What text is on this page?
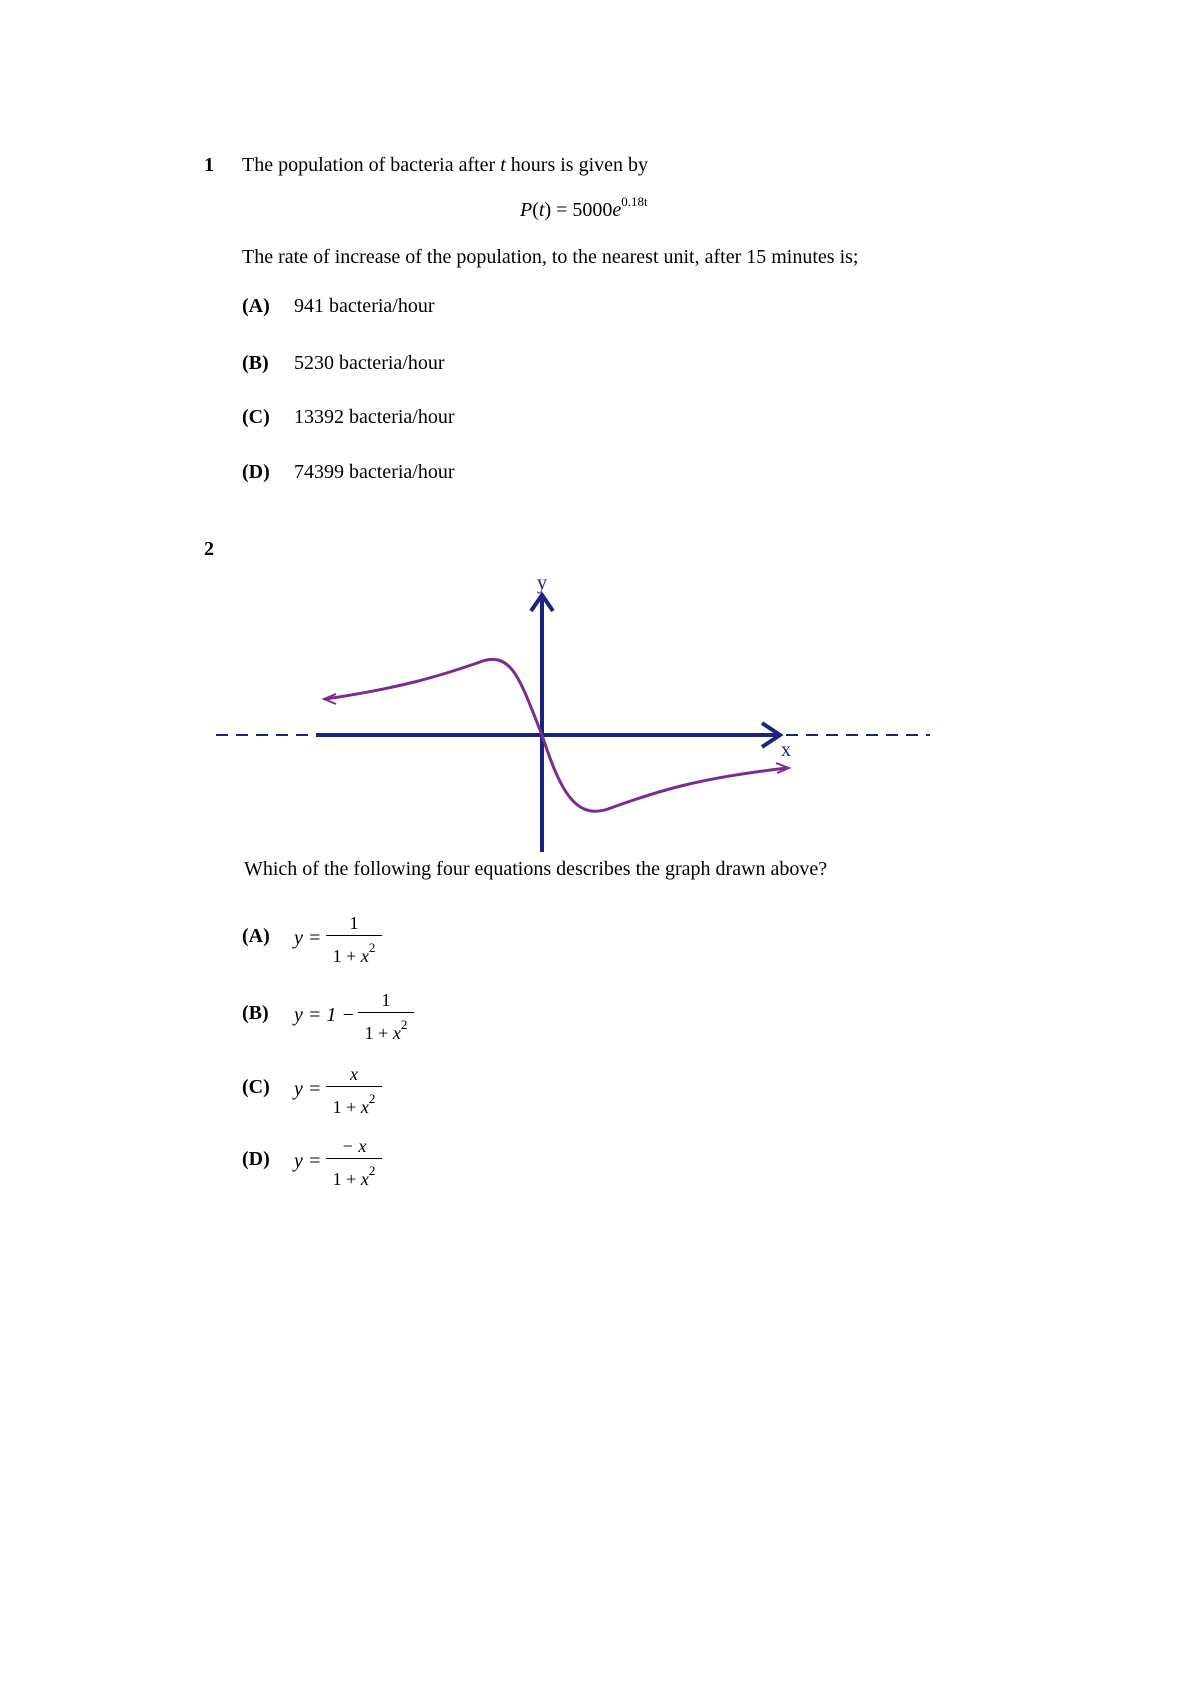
1 The population of bacteria after t hours is given by
$P(t) = 5000e^{0.18t}$
The rate of increase of the population, to the nearest unit, after 15 minutes is;
(A) 941 bacteria/hour
(B) 5230 bacteria/hour
(C) 13392 bacteria/hour
(D) 74399 bacteria/hour
2
y
x
Which of the following four equations describes the graph drawn above?
(A) y =
1
$1 + x^2$
(B) y = 1 −
1
$1 + x^2$
(C) y =
x
$1 + x^2$
(D) y =
− x
$1 + x^2$
